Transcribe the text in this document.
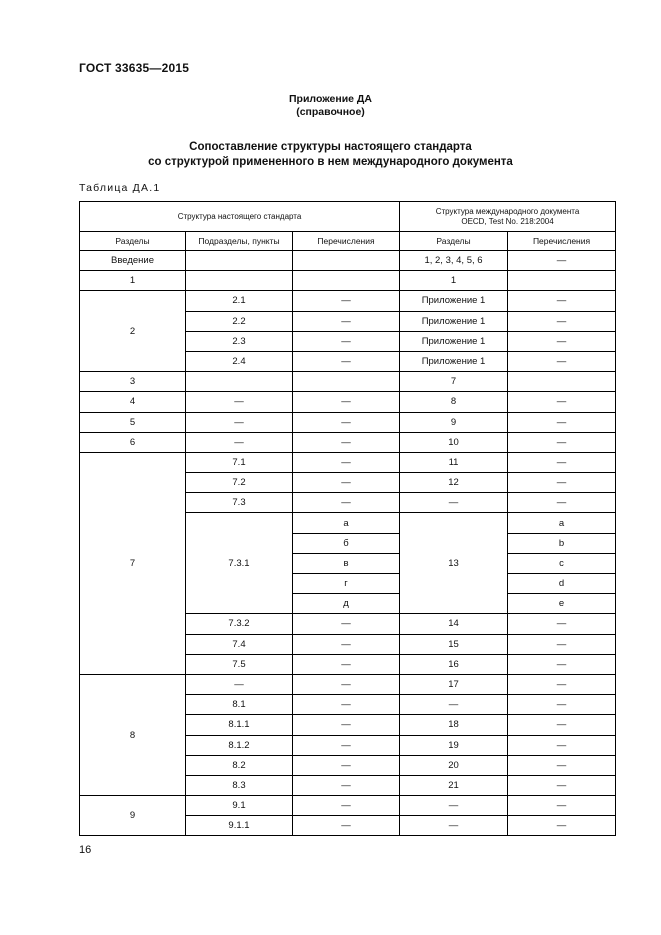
ГОСТ 33635—2015
Приложение ДА
(справочное)
Сопоставление структуры настоящего стандарта
со структурой примененного в нем международного документа
Таблица ДА.1
Структура настоящего стандарта			Структура международного документа
OECD, Test No. 218:2004	

Разделы	Подразделы, пункты	Перечисления	Разделы	Перечисления
Введение			1, 2, 3, 4, 5, 6	—
1			1	
2	2.1	—	Приложение 1	—
	2.2	—	Приложение 1	—
	2.3	—	Приложение 1	—
	2.4	—	Приложение 1	—
3			7	
4	—	—	8	—
5	—	—	9	—
6	—	—	10	—
7	7.1	—	11	—
	7.2	—	12	—
	7.3	—	—	—
	7.3.1	а	13	a
		б		b
		в		c
		г		d
		д		e
	7.3.2	—	14	—
	7.4	—	15	—
	7.5	—	16	—
8	—	—	17	—
	8.1	—	—	—
	8.1.1	—	18	—
	8.1.2	—	19	—
	8.2	—	20	—
	8.3	—	21	—
9	9.1	—	—	—
	9.1.1	—	—	—
16
